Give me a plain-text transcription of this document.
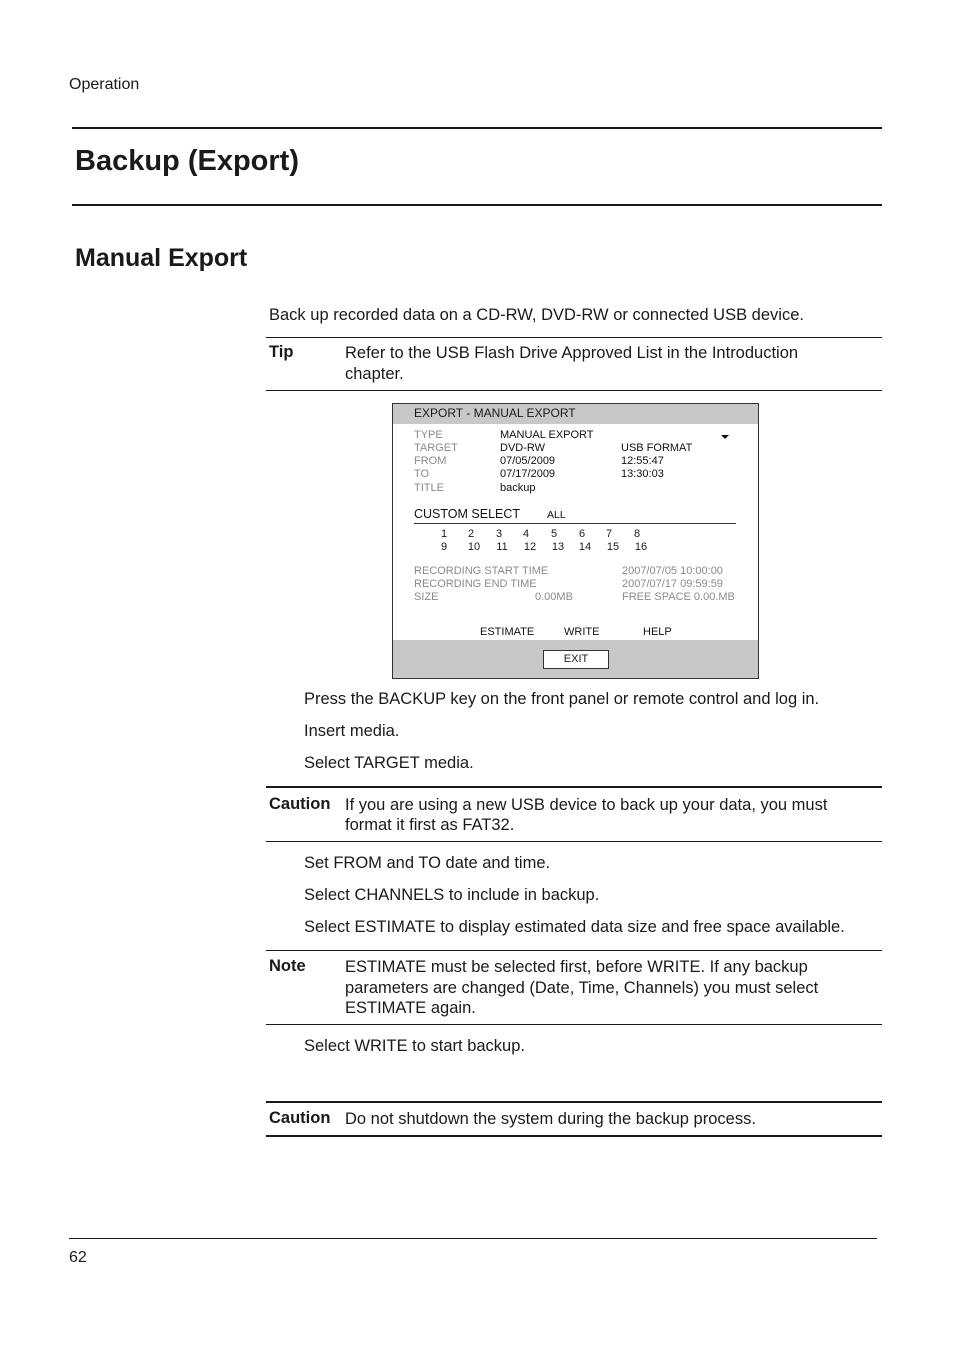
Operation
Backup (Export)
Manual Export
Back up recorded data on a CD-RW, DVD-RW or connected USB device.
Tip	Refer to the USB Flash Drive Approved List in the Introduction
chapter.
EXPORT - MANUAL EXPORT
TYPE	MANUAL EXPORT
TARGET	DVD-RW	USB FORMAT
FROM	07/05/2009	12:55:47
TO	07/17/2009	13:30:03
TITLE	backup
CUSTOM SELECT	ALL
1	2	3	4	5	6	7	8
9	10	11	12	13	14	15	16
RECORDING START TIME	2007/07/05 10:00:00
RECORDING END TIME	2007/07/17 09:59:59
SIZE	0.00MB	FREE SPACE 0.00.MB
ESTIMATE	WRITE	HELP
EXIT
Press the BACKUP key on the front panel or remote control and log in.
Insert media.
Select TARGET media.
Caution If you are using a new USB device to back up your data, you must
format it first as FAT32.
Set FROM and TO date and time.
Select CHANNELS to include in backup.
Select ESTIMATE to display estimated data size and free space available.
Note ESTIMATE must be selected first, before WRITE. If any backup
parameters are changed (Date, Time, Channels) you must select
ESTIMATE again.
Select WRITE to start backup.
Caution Do not shutdown the system during the backup process.
62
